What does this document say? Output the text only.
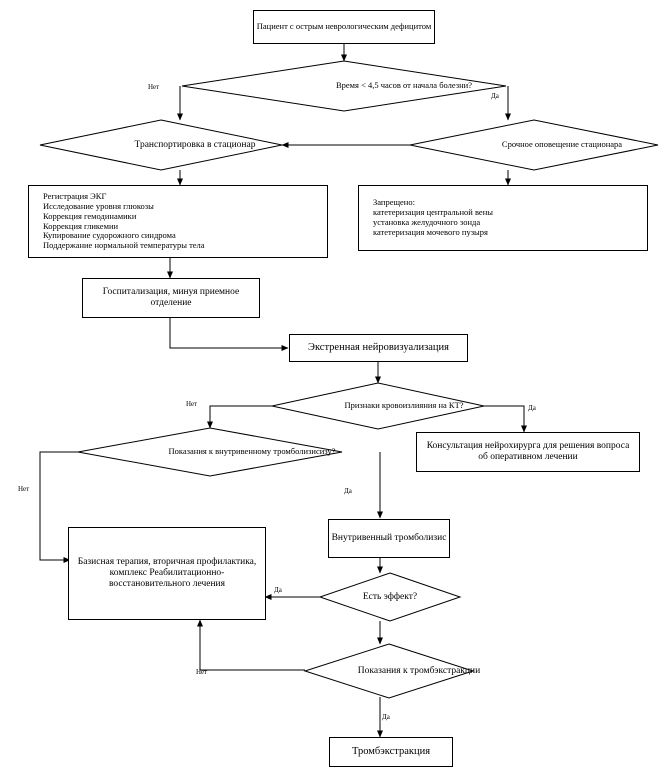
Пациент с острым неврологическим дефицитом
Время < 4,5 часов от начала болезни?
Транспортировка в стационар	Срочное оповещение стационара
Регистрация ЭКГ
Исследование уровня глюкозы
Коррекция гемодинамики
Коррекция гликемии
Купирование судорожного синдрома
Поддержание нормальной температуры тела
Запрещено:
катетеризация центральной вены
установка желудочного зонда
катетеризация мочевого пузыря
Госпитализация, минуя приемное отделение
Экстренная нейровизуализация
Признаки кровоизлияния на КТ?
Консультация нейрохирурга для решения вопроса об оперативном лечении
Показания к внутривенному тромболизисизу?
Базисная терапия, вторичная профилактика, комплекс Реабилитационно-восстановительного лечения
Внутривенный тромболизис
Есть эффект?
Показания к тромбэкстракции
Тромбэкстракция
Нет
Да
Нет	Да
Нет	Да
Да
Нет
Да
